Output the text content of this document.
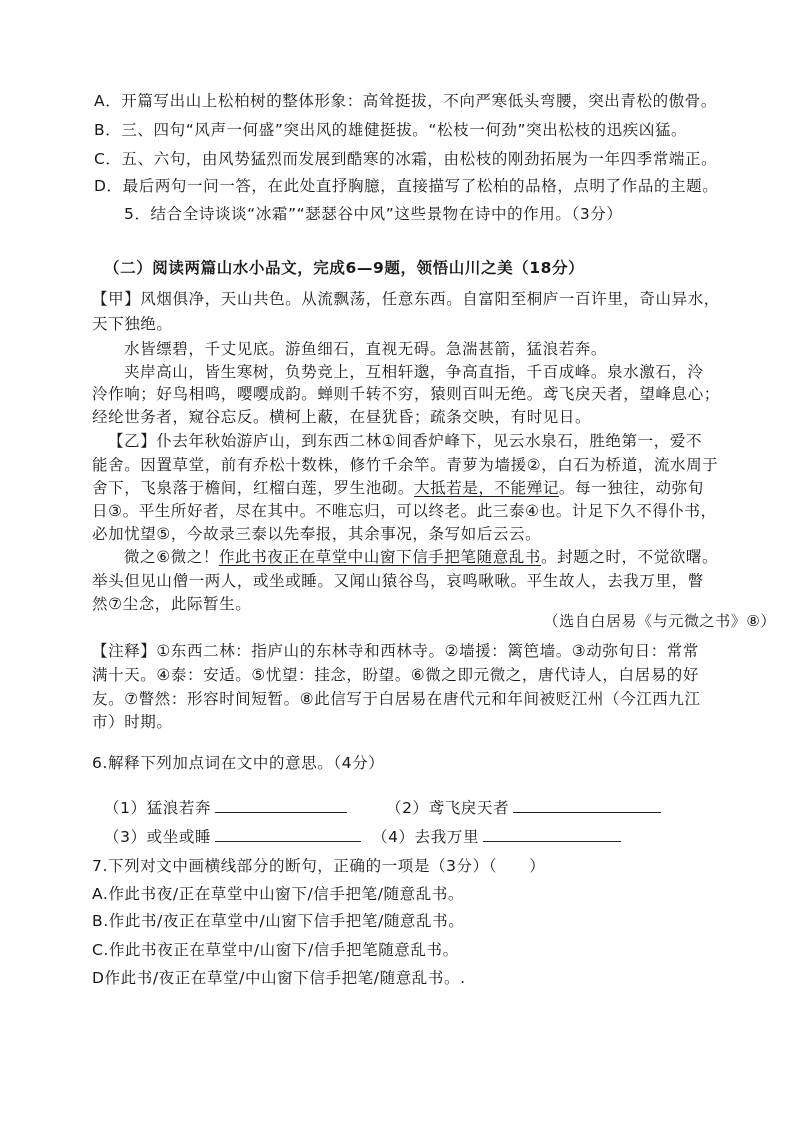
A．开篇写出山上松柏树的整体形象：高耸挺拔，不向严寒低头弯腰，突出青松的傲骨。
B．三、四句“风声一何盛”突出风的雄健挺拔。“松枝一何劲”突出松枝的迅疾凶猛。
C．五、六句，由风势猛烈而发展到酷寒的冰霜，由松枝的刚劲拓展为一年四季常端正。
D．最后两句一问一答，在此处直抒胸臆，直接描写了松柏的品格，点明了作品的主题。
5．结合全诗谈谈“冰霜”“瑟瑟谷中风”这些景物在诗中的作用。（3分）
（二）阅读两篇山水小品文，完成6—9题，领悟山川之美（18分）
【甲】风烟俱净，天山共色。从流飘荡，任意东西。自富阳至桐庐一百许里，奇山异水，
天下独绝。
水皆缥碧，千丈见底。游鱼细石，直视无碍。急湍甚箭，猛浪若奔。
夹岸高山，皆生寒树，负势竞上，互相轩邈，争高直指，千百成峰。泉水激石，泠
泠作响；好鸟相鸣，嘤嘤成韵。蝉则千转不穷，猿则百叫无绝。鸢飞戾天者，望峰息心；
经纶世务者，窥谷忘反。横柯上蔽，在昼犹昏；疏条交映，有时见日。
【乙】仆去年秋始游庐山，到东西二林①间香炉峰下，见云水泉石，胜绝第一，爱不
能舍。因置草堂，前有乔松十数株，修竹千余竿。青萝为墙援②，白石为桥道，流水周于
舍下，飞泉落于檐间，红榴白莲，罗生池砌。大抵若是，不能殚记。每一独往，动弥旬
日③。平生所好者，尽在其中。不唯忘归，可以终老。此三泰④也。计足下久不得仆书，
必加忧望⑤，今故录三泰以先奉报，其余事况，条写如后云云。
微之⑥微之！作此书夜正在草堂中山窗下信手把笔随意乱书。封题之时，不觉欲曙。
举头但见山僧一两人，或坐或睡。又闻山猿谷鸟，哀鸣啾啾。平生故人，去我万里，瞥
然⑦尘念，此际暂生。
（选自白居易《与元微之书》⑧）
【注释】①东西二林：指庐山的东林寺和西林寺。②墙援：篱笆墙。③动弥旬日：常常
满十天。④泰：安适。⑤忧望：挂念，盼望。⑥微之即元微之，唐代诗人，白居易的好
友。⑦瞥然：形容时间短暂。⑧此信写于白居易在唐代元和年间被贬江州（今江西九江
市）时期。
6.解释下列加点词在文中的意思。（4分）
（1）猛浪若奔	（2）鸢飞戾天者
（3）或坐或睡	（4）去我万里
7.下列对文中画横线部分的断句，正确的一项是（3分）（　　）
A.作此书夜/正在草堂中山窗下/信手把笔/随意乱书。
B.作此书/夜正在草堂中/山窗下信手把笔/随意乱书。
C.作此书夜正在草堂中/山窗下/信手把笔随意乱书。
D作此书/夜正在草堂/中山窗下信手把笔/随意乱书。.
